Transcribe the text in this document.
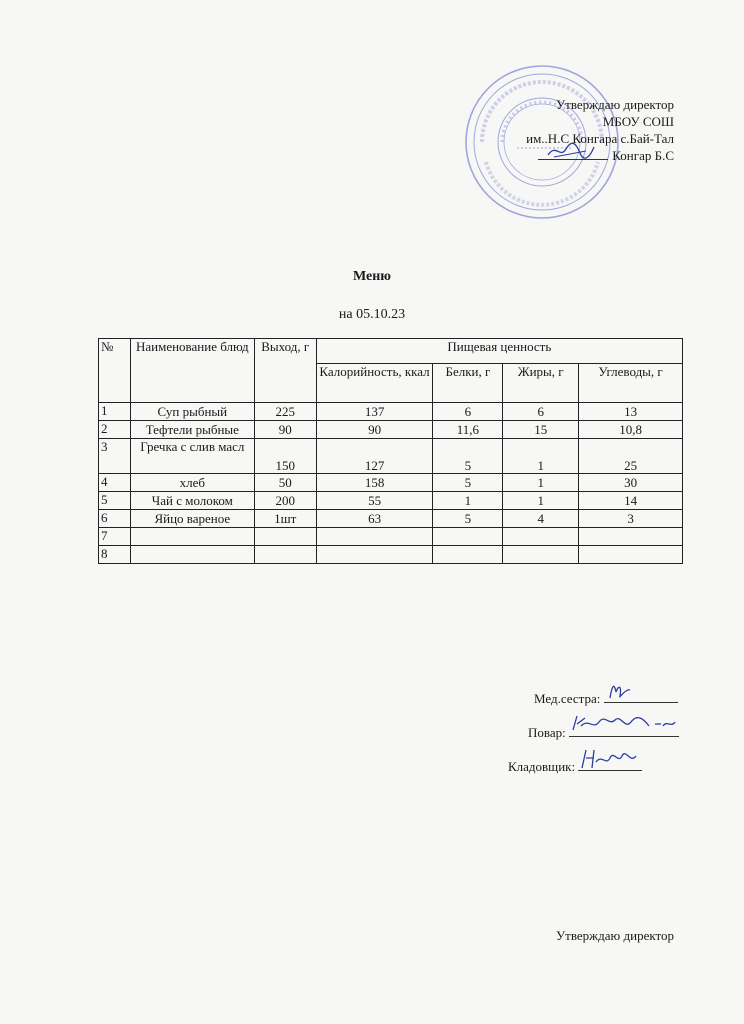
Утверждаю директор
МБОУ СОШ
им..Н.С Конгара с.Бай-Тал
Конгар Б.С
Меню
на 05.10.23
№	Наименование блюд	Выход, г	Пищевая ценность			
			Калорийность, ккал	Белки, г	Жиры, г	Углеводы, г
1	Суп рыбный	225	137	6	6	13
2	Тефтели рыбные	90	90	11,6	15	10,8
3	Гречка с слив масл	150	127	5	1	25
4	хлеб	50	158	5	1	30
5	Чай с молоком	200	55	1	1	14
6	Яйцо вареное	1шт	63	5	4	3
7						
8						
Мед.сестра:
Повар:
Кладовщик:
Утверждаю директор
